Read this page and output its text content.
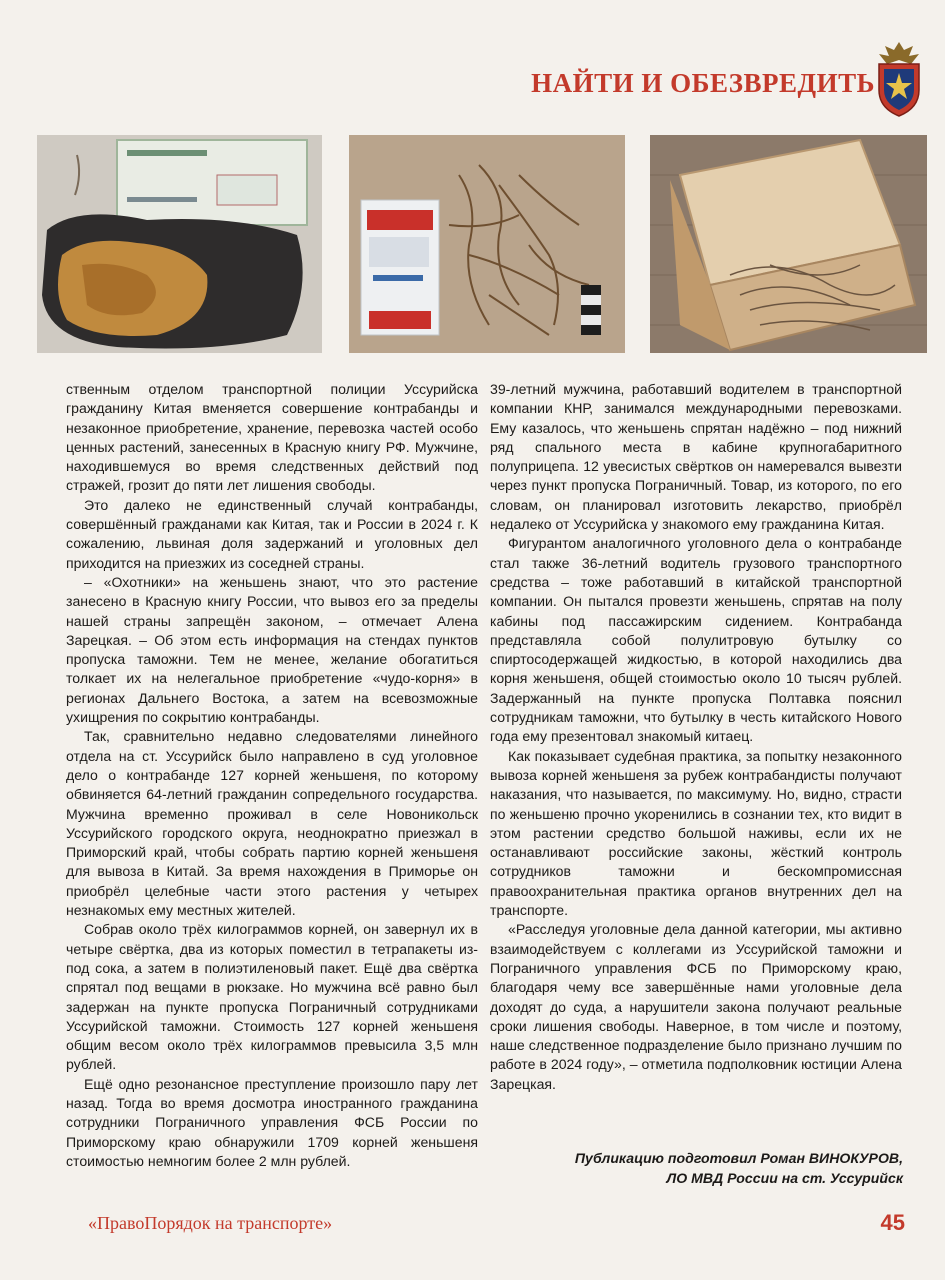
НАЙТИ И ОБЕЗВРЕДИТЬ

ственным отделом транспортной полиции Уссурийска гражданину Китая вменяется совершение контрабанды и незаконное приобретение, хранение, перевозка частей особо ценных растений, занесенных в Красную книгу РФ. Мужчине, находившемуся во время следственных действий под стражей, грозит до пяти лет лишения свободы.

Это далеко не единственный случай контрабанды, совершённый гражданами как Китая, так и России в 2024 г. К сожалению, львиная доля задержаний и уголовных дел приходится на приезжих из соседней страны.

– «Охотники» на женьшень знают, что это растение занесено в Красную книгу России, что вывоз его за пределы нашей страны запрещён законом, – отмечает Алена Зарецкая. – Об этом есть информация на стендах пунктов пропуска таможни. Тем не менее, желание обогатиться толкает их на нелегальное приобретение «чудо-корня» в регионах Дальнего Востока, а затем на всевозможные ухищрения по сокрытию контрабанды.

Так, сравнительно недавно следователями линейного отдела на ст. Уссурийск было направлено в суд уголовное дело о контрабанде 127 корней женьшеня, по которому обвиняется 64-летний гражданин сопредельного государства. Мужчина временно проживал в селе Новоникольск Уссурийского городского округа, неоднократно приезжал в Приморский край, чтобы собрать партию корней женьшеня для вывоза в Китай. За время нахождения в Приморье он приобрёл целебные части этого растения у четырех незнакомых ему местных жителей.

Собрав около трёх килограммов корней, он завернул их в четыре свёртка, два из которых поместил в тетрапакеты из-под сока, а затем в полиэтиленовый пакет. Ещё два свёртка спрятал под вещами в рюкзаке. Но мужчина всё равно был задержан на пункте пропуска Пограничный сотрудниками Уссурийской таможни. Стоимость 127 корней женьшеня общим весом около трёх килограммов превысила 3,5 млн рублей.

Ещё одно резонансное преступление произошло пару лет назад. Тогда во время досмотра иностранного гражданина сотрудники Пограничного управления ФСБ России по Приморскому краю обнаружили 1709 корней женьшеня стоимостью немногим более 2 млн рублей.

39-летний мужчина, работавший водителем в транспортной компании КНР, занимался международными перевозками. Ему казалось, что женьшень спрятан надёжно – под нижний ряд спального места в кабине крупногабаритного полуприцепа. 12 увесистых свёртков он намеревался вывезти через пункт пропуска Пограничный. Товар, из которого, по его словам, он планировал изготовить лекарство, приобрёл недалеко от Уссурийска у знакомого ему гражданина Китая.

Фигурантом аналогичного уголовного дела о контрабанде стал также 36-летний водитель грузового транспортного средства – тоже работавший в китайской транспортной компании. Он пытался провезти женьшень, спрятав на полу кабины под пассажирским сидением. Контрабанда представляла собой полулитровую бутылку со спиртосодержащей жидкостью, в которой находились два корня женьшеня, общей стоимостью около 10 тысяч рублей. Задержанный на пункте пропуска Полтавка пояснил сотрудникам таможни, что бутылку в честь китайского Нового года ему презентовал знакомый китаец.

Как показывает судебная практика, за попытку незаконного вывоза корней женьшеня за рубеж контрабандисты получают наказания, что называется, по максимуму. Но, видно, страсти по женьшеню прочно укоренились в сознании тех, кто видит в этом растении средство большой наживы, если их не останавливают российские законы, жёсткий контроль сотрудников таможни и бескомпромиссная правоохранительная практика органов внутренних дел на транспорте.

«Расследуя уголовные дела данной категории, мы активно взаимодействуем с коллегами из Уссурийской таможни и Пограничного управления ФСБ по Приморскому краю, благодаря чему все завершённые нами уголовные дела доходят до суда, а нарушители закона получают реальные сроки лишения свободы. Наверное, в том числе и поэтому, наше следственное подразделение было признано лучшим по работе в 2024 году», – отметила подполковник юстиции Алена Зарецкая.

Публикацию подготовил Роман ВИНОКУРОВ,
ЛО МВД России на ст. Уссурийск
«ПравоПорядок на транспорте»	45
